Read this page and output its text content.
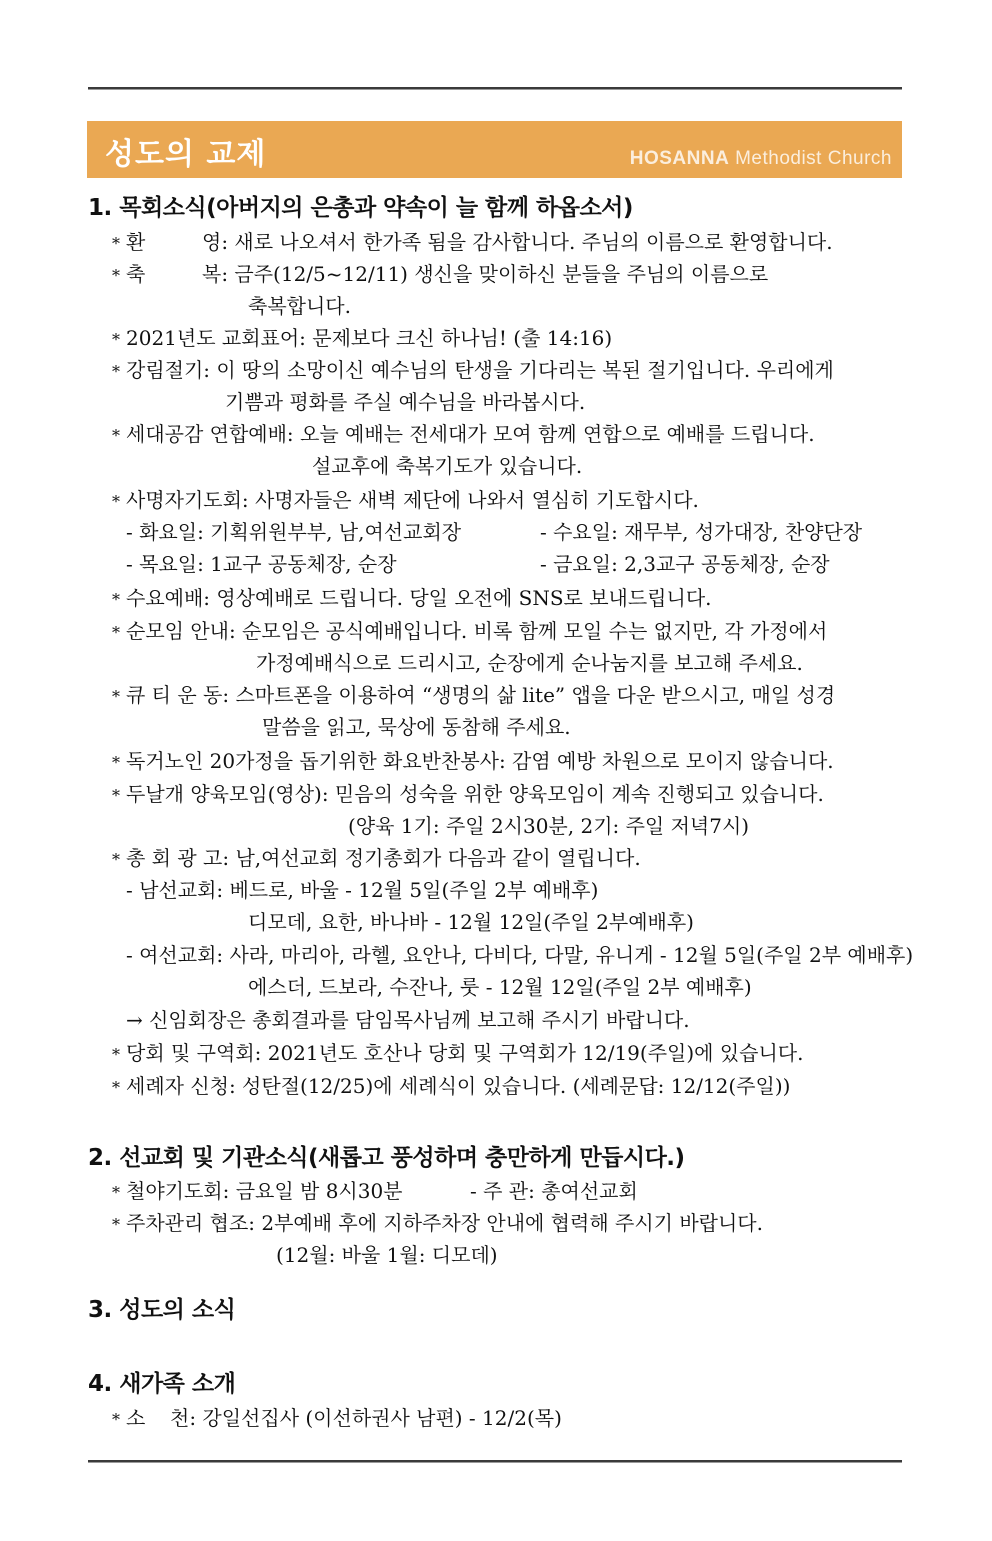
성도의 교제	HOSANNA Methodist Church
1. 목회소식(아버지의 은총과 약속이 늘 함께 하옵소서)
* 환	영: 새로 나오셔서 한가족 됨을 감사합니다. 주님의 이름으로 환영합니다.
* 축	복: 금주(12/5~12/11) 생신을 맞이하신 분들을 주님의 이름으로
축복합니다.
* 2021년도 교회표어: 문제보다 크신 하나님! (출 14:16)
* 강림절기: 이 땅의 소망이신 예수님의 탄생을 기다리는 복된 절기입니다. 우리에게
기쁨과 평화를 주실 예수님을 바라봅시다.
* 세대공감 연합예배: 오늘 예배는 전세대가 모여 함께 연합으로 예배를 드립니다.
설교후에 축복기도가 있습니다.
* 사명자기도회: 사명자들은 새벽 제단에 나와서 열심히 기도합시다.
- 화요일: 기획위원부부, 남,여선교회장	- 수요일: 재무부, 성가대장, 찬양단장
- 목요일: 1교구 공동체장, 순장	- 금요일: 2,3교구 공동체장, 순장
* 수요예배: 영상예배로 드립니다. 당일 오전에 SNS로 보내드립니다.
* 순모임 안내: 순모임은 공식예배입니다. 비록 함께 모일 수는 없지만, 각 가정에서
가정예배식으로 드리시고, 순장에게 순나눔지를 보고해 주세요.
* 큐 티 운 동: 스마트폰을 이용하여 “생명의 삶 lite” 앱을 다운 받으시고, 매일 성경
말씀을 읽고, 묵상에 동참해 주세요.
* 독거노인 20가정을 돕기위한 화요반찬봉사: 감염 예방 차원으로 모이지 않습니다.
* 두날개 양육모임(영상): 믿음의 성숙을 위한 양육모임이 계속 진행되고 있습니다.
(양육 1기: 주일 2시30분, 2기: 주일 저녁7시)
* 총 회 광 고: 남,여선교회 정기총회가 다음과 같이 열립니다.
- 남선교회: 베드로, 바울 - 12월 5일(주일 2부 예배후)
디모데, 요한, 바나바 - 12월 12일(주일 2부예배후)
- 여선교회: 사라, 마리아, 라헬, 요안나, 다비다, 다말, 유니게 - 12월 5일(주일 2부 예배후)
에스더, 드보라, 수잔나, 룻 - 12월 12일(주일 2부 예배후)
→ 신임회장은 총회결과를 담임목사님께 보고해 주시기 바랍니다.
* 당회 및 구역회: 2021년도 호산나 당회 및 구역회가 12/19(주일)에 있습니다.
* 세례자 신청: 성탄절(12/25)에 세례식이 있습니다. (세례문답: 12/12(주일))
2. 선교회 및 기관소식(새롭고 풍성하며 충만하게 만듭시다.)
* 철야기도회: 금요일 밤 8시30분	- 주 관: 총여선교회
* 주차관리 협조: 2부예배 후에 지하주차장 안내에 협력해 주시기 바랍니다.
(12월: 바울 1월: 디모데)
3. 성도의 소식
4. 새가족 소개
* 소 천: 강일선집사 (이선하권사 남편) - 12/2(목)
